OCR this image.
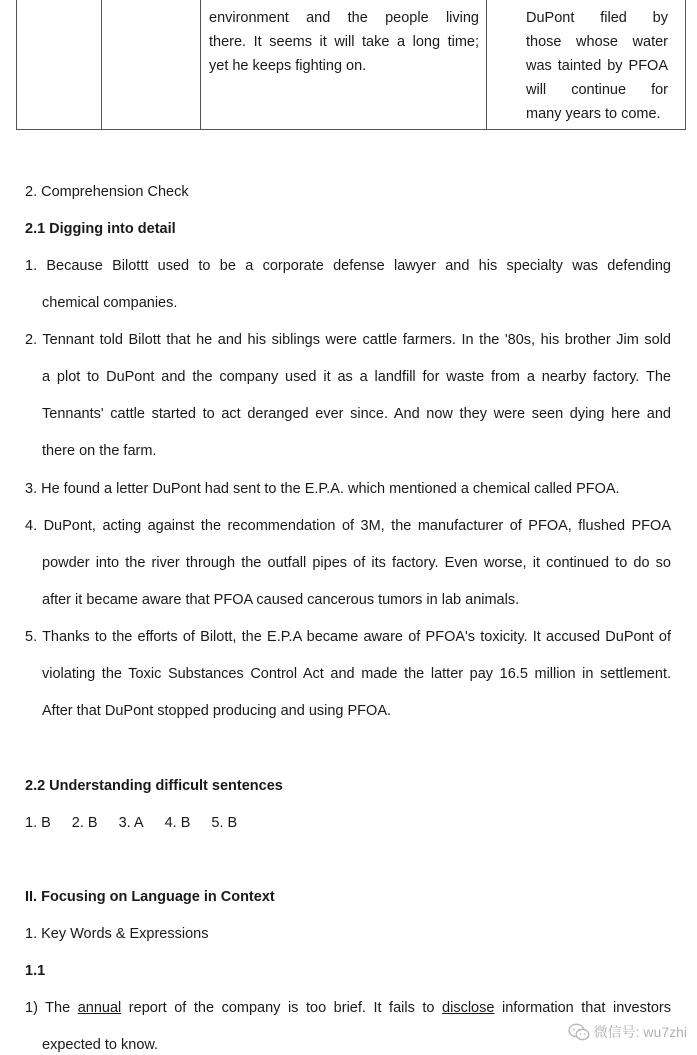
environment and the people living
there. It seems it will take a long time;
yet he keeps fighting on.
DuPont filed by
those whose water
was tainted by PFOA
will continue for
many years to come.
2. Comprehension Check
2.1 Digging into detail
1. Because Bilottt used to be a corporate defense lawyer and his specialty was defending
chemical companies.
2. Tennant told Bilott that he and his siblings were cattle farmers. In the '80s, his brother Jim sold
a plot to DuPont and the company used it as a landfill for waste from a nearby factory. The
Tennants' cattle started to act deranged ever since. And now they were seen dying here and
there on the farm.
3. He found a letter DuPont had sent to the E.P.A. which mentioned a chemical called PFOA.
4. DuPont, acting against the recommendation of 3M, the manufacturer of PFOA, flushed PFOA
powder into the river through the outfall pipes of its factory. Even worse, it continued to do so
after it became aware that PFOA caused cancerous tumors in lab animals.
5. Thanks to the efforts of Bilott, the E.P.A became aware of PFOA's toxicity. It accused DuPont of
violating the Toxic Substances Control Act and made the latter pay 16.5 million in settlement.
After that DuPont stopped producing and using PFOA.
2.2 Understanding difficult sentences
1. B 2. B 3. A 4. B 5. B
II. Focusing on Language in Context
1. Key Words & Expressions
1.1
1) The annual report of the company is too brief. It fails to disclose information that investors
expected to know.
微信号: wu7zhi
